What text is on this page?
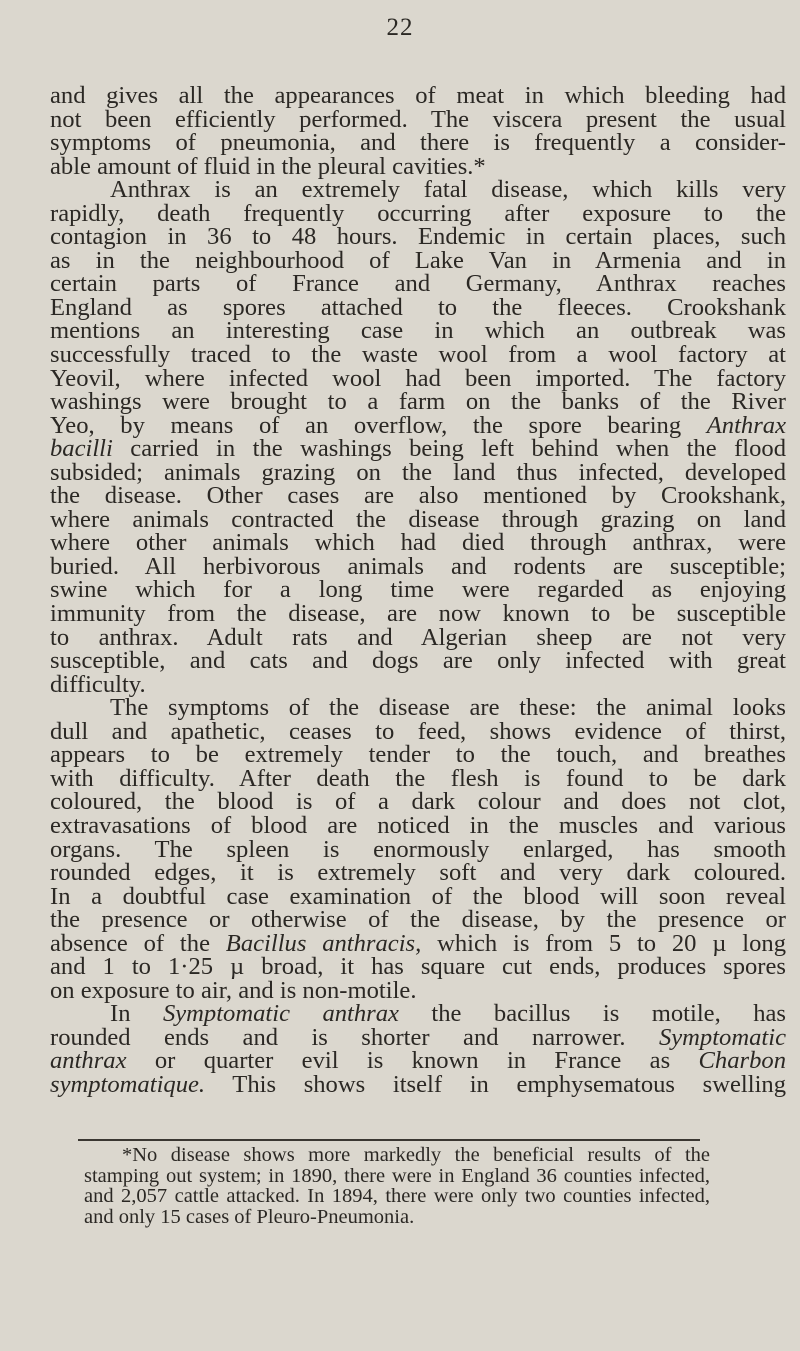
22
and gives all the appearances of meat in which bleeding had
not been efficiently performed. The viscera present the usual
symptoms of pneumonia, and there is frequently a consider-
able amount of fluid in the pleural cavities.*
Anthrax is an extremely fatal disease, which kills very
rapidly, death frequently occurring after exposure to the
contagion in 36 to 48 hours. Endemic in certain places, such
as in the neighbourhood of Lake Van in Armenia and in
certain parts of France and Germany, Anthrax reaches
England as spores attached to the fleeces. Crookshank
mentions an interesting case in which an outbreak was
successfully traced to the waste wool from a wool factory at
Yeovil, where infected wool had been imported. The factory
washings were brought to a farm on the banks of the River
Yeo, by means of an overflow, the spore bearing Anthrax
bacilli carried in the washings being left behind when the flood
subsided; animals grazing on the land thus infected, developed
the disease. Other cases are also mentioned by Crookshank,
where animals contracted the disease through grazing on land
where other animals which had died through anthrax, were
buried. All herbivorous animals and rodents are susceptible;
swine which for a long time were regarded as enjoying
immunity from the disease, are now known to be susceptible
to anthrax. Adult rats and Algerian sheep are not very
susceptible, and cats and dogs are only infected with great
difficulty.
The symptoms of the disease are these: the animal looks
dull and apathetic, ceases to feed, shows evidence of thirst,
appears to be extremely tender to the touch, and breathes
with difficulty. After death the flesh is found to be dark
coloured, the blood is of a dark colour and does not clot,
extravasations of blood are noticed in the muscles and various
organs. The spleen is enormously enlarged, has smooth
rounded edges, it is extremely soft and very dark coloured.
In a doubtful case examination of the blood will soon reveal
the presence or otherwise of the disease, by the presence or
absence of the Bacillus anthracis, which is from 5 to 20 µ long
and 1 to 1·25 µ broad, it has square cut ends, produces spores
on exposure to air, and is non-motile.
In Symptomatic anthrax the bacillus is motile, has
rounded ends and is shorter and narrower. Symptomatic
anthrax or quarter evil is known in France as Charbon
symptomatique. This shows itself in emphysematous swelling
*No disease shows more markedly the beneficial results of the
stamping out system; in 1890, there were in England 36 counties infected,
and 2,057 cattle attacked. In 1894, there were only two counties infected,
and only 15 cases of Pleuro-Pneumonia.
